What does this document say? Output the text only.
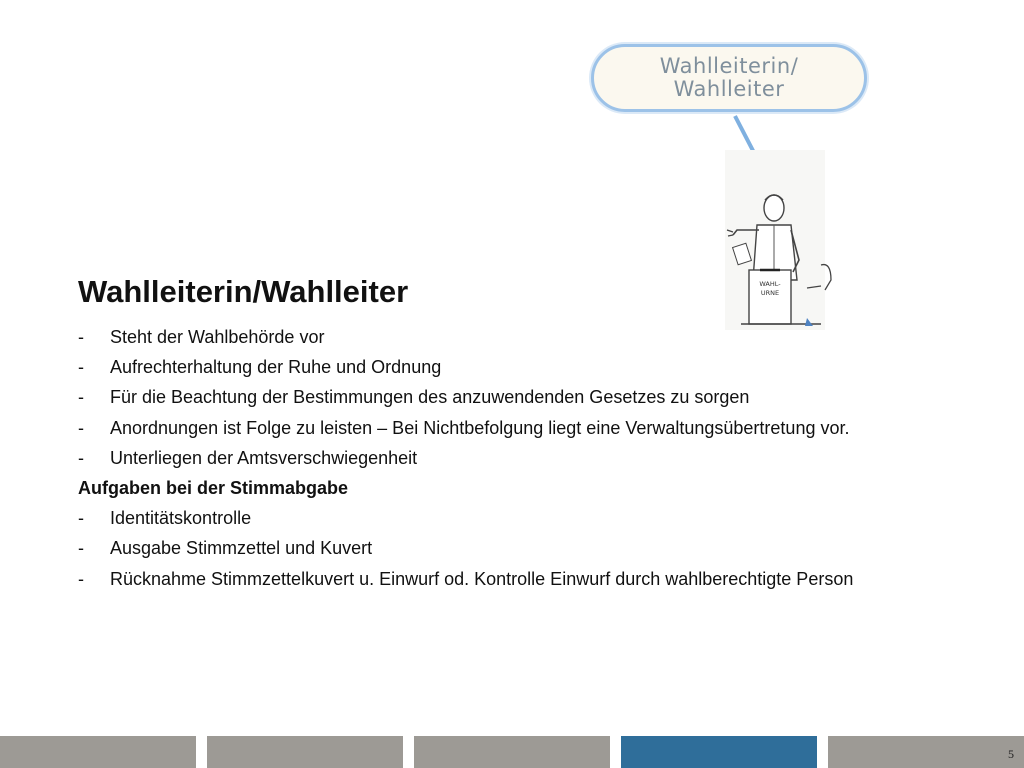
WAHL-
URNE
Wahlleiterin/
Wahlleiter
Wahlleiterin/Wahlleiter
-	Steht der Wahlbehörde vor
-	Aufrechterhaltung der Ruhe und Ordnung
-	Für die Beachtung der Bestimmungen des anzuwendenden Gesetzes zu sorgen
-	Anordnungen ist Folge zu leisten – Bei Nichtbefolgung liegt eine Verwaltungsübertretung vor.
-	Unterliegen der Amtsverschwiegenheit

Aufgaben bei der Stimmabgabe

-	Identitätskontrolle
-	Ausgabe Stimmzettel und Kuvert
-	Rücknahme Stimmzettelkuvert u. Einwurf od. Kontrolle Einwurf durch wahlberechtigte Person
5
